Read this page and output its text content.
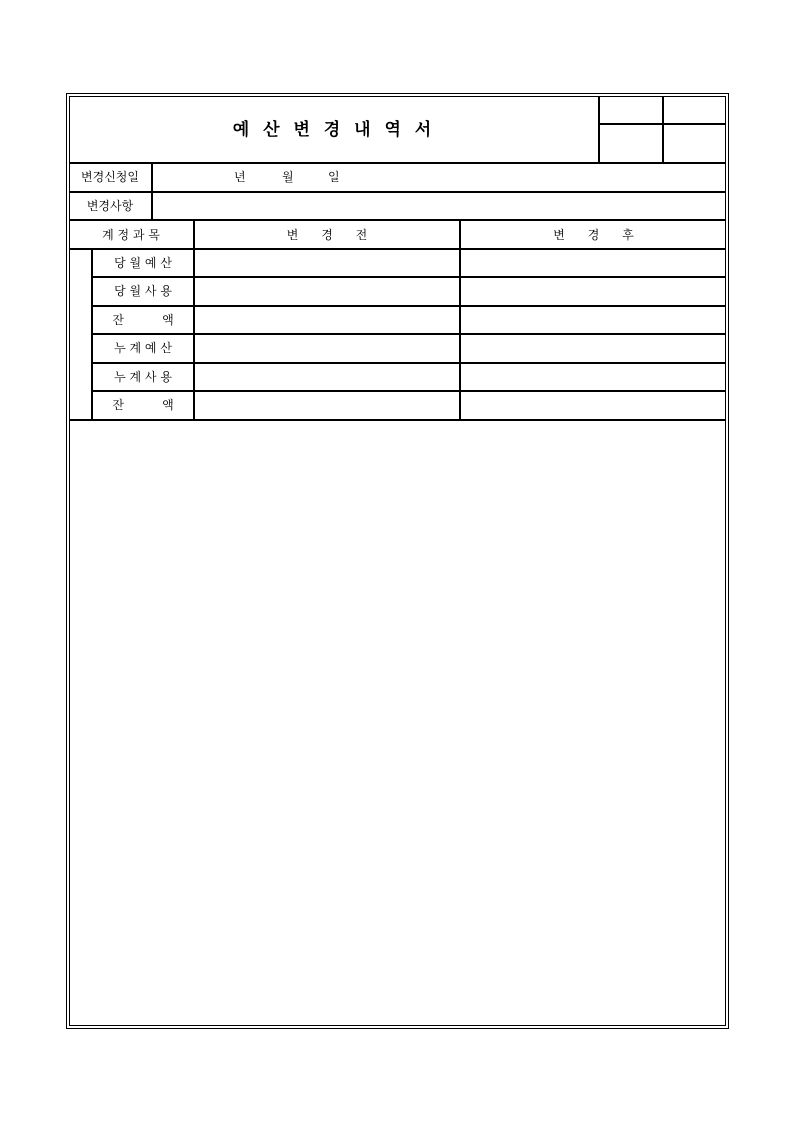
예 산 변 경 내 역 서
변경신청일	년	월	일
변경사항
계 정 과 목	변      경      전	변      경      후
당 월 예 산
당 월 사 용
잔          액
누 계 예 산
누 계 사 용
잔          액
